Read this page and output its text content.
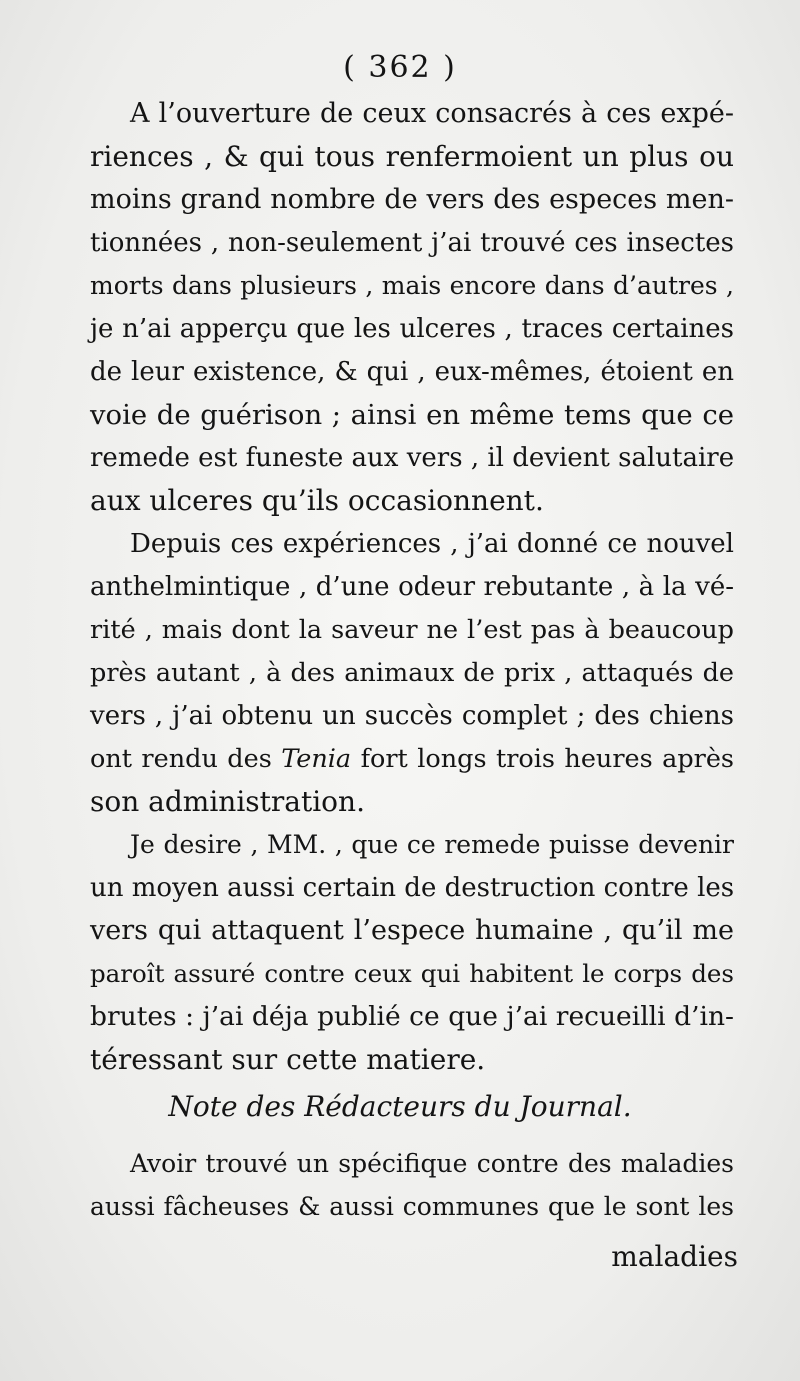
( 362 )
A l’ouverture de ceux consacrés à ces expé-
riences , & qui tous renfermoient un plus ou
moins grand nombre de vers des especes men-
tionnées , non-seulement j’ai trouvé ces insectes
morts dans plusieurs , mais encore dans d’autres ,
je n’ai apperçu que les ulceres , traces certaines
de leur existence, & qui , eux-mêmes, étoient en
voie de guérison ; ainsi en même tems que ce
remede est funeste aux vers , il devient salutaire
aux ulceres qu’ils occasionnent.
Depuis ces expériences , j’ai donné ce nouvel
anthelmintique , d’une odeur rebutante , à la vé-
rité , mais dont la saveur ne l’est pas à beaucoup
près autant , à des animaux de prix , attaqués de
vers , j’ai obtenu un succès complet ; des chiens
ont rendu des Tenia fort longs trois heures après
son administration.
Je desire , MM. , que ce remede puisse devenir
un moyen aussi certain de destruction contre les
vers qui attaquent l’espece humaine , qu’il me
paroît assuré contre ceux qui habitent le corps des
brutes : j’ai déja publié ce que j’ai recueilli d’in-
téressant sur cette matiere.
Note des Rédacteurs du Journal.
Avoir trouvé un spécifique contre des maladies
aussi fâcheuses & aussi communes que le sont les
maladies
